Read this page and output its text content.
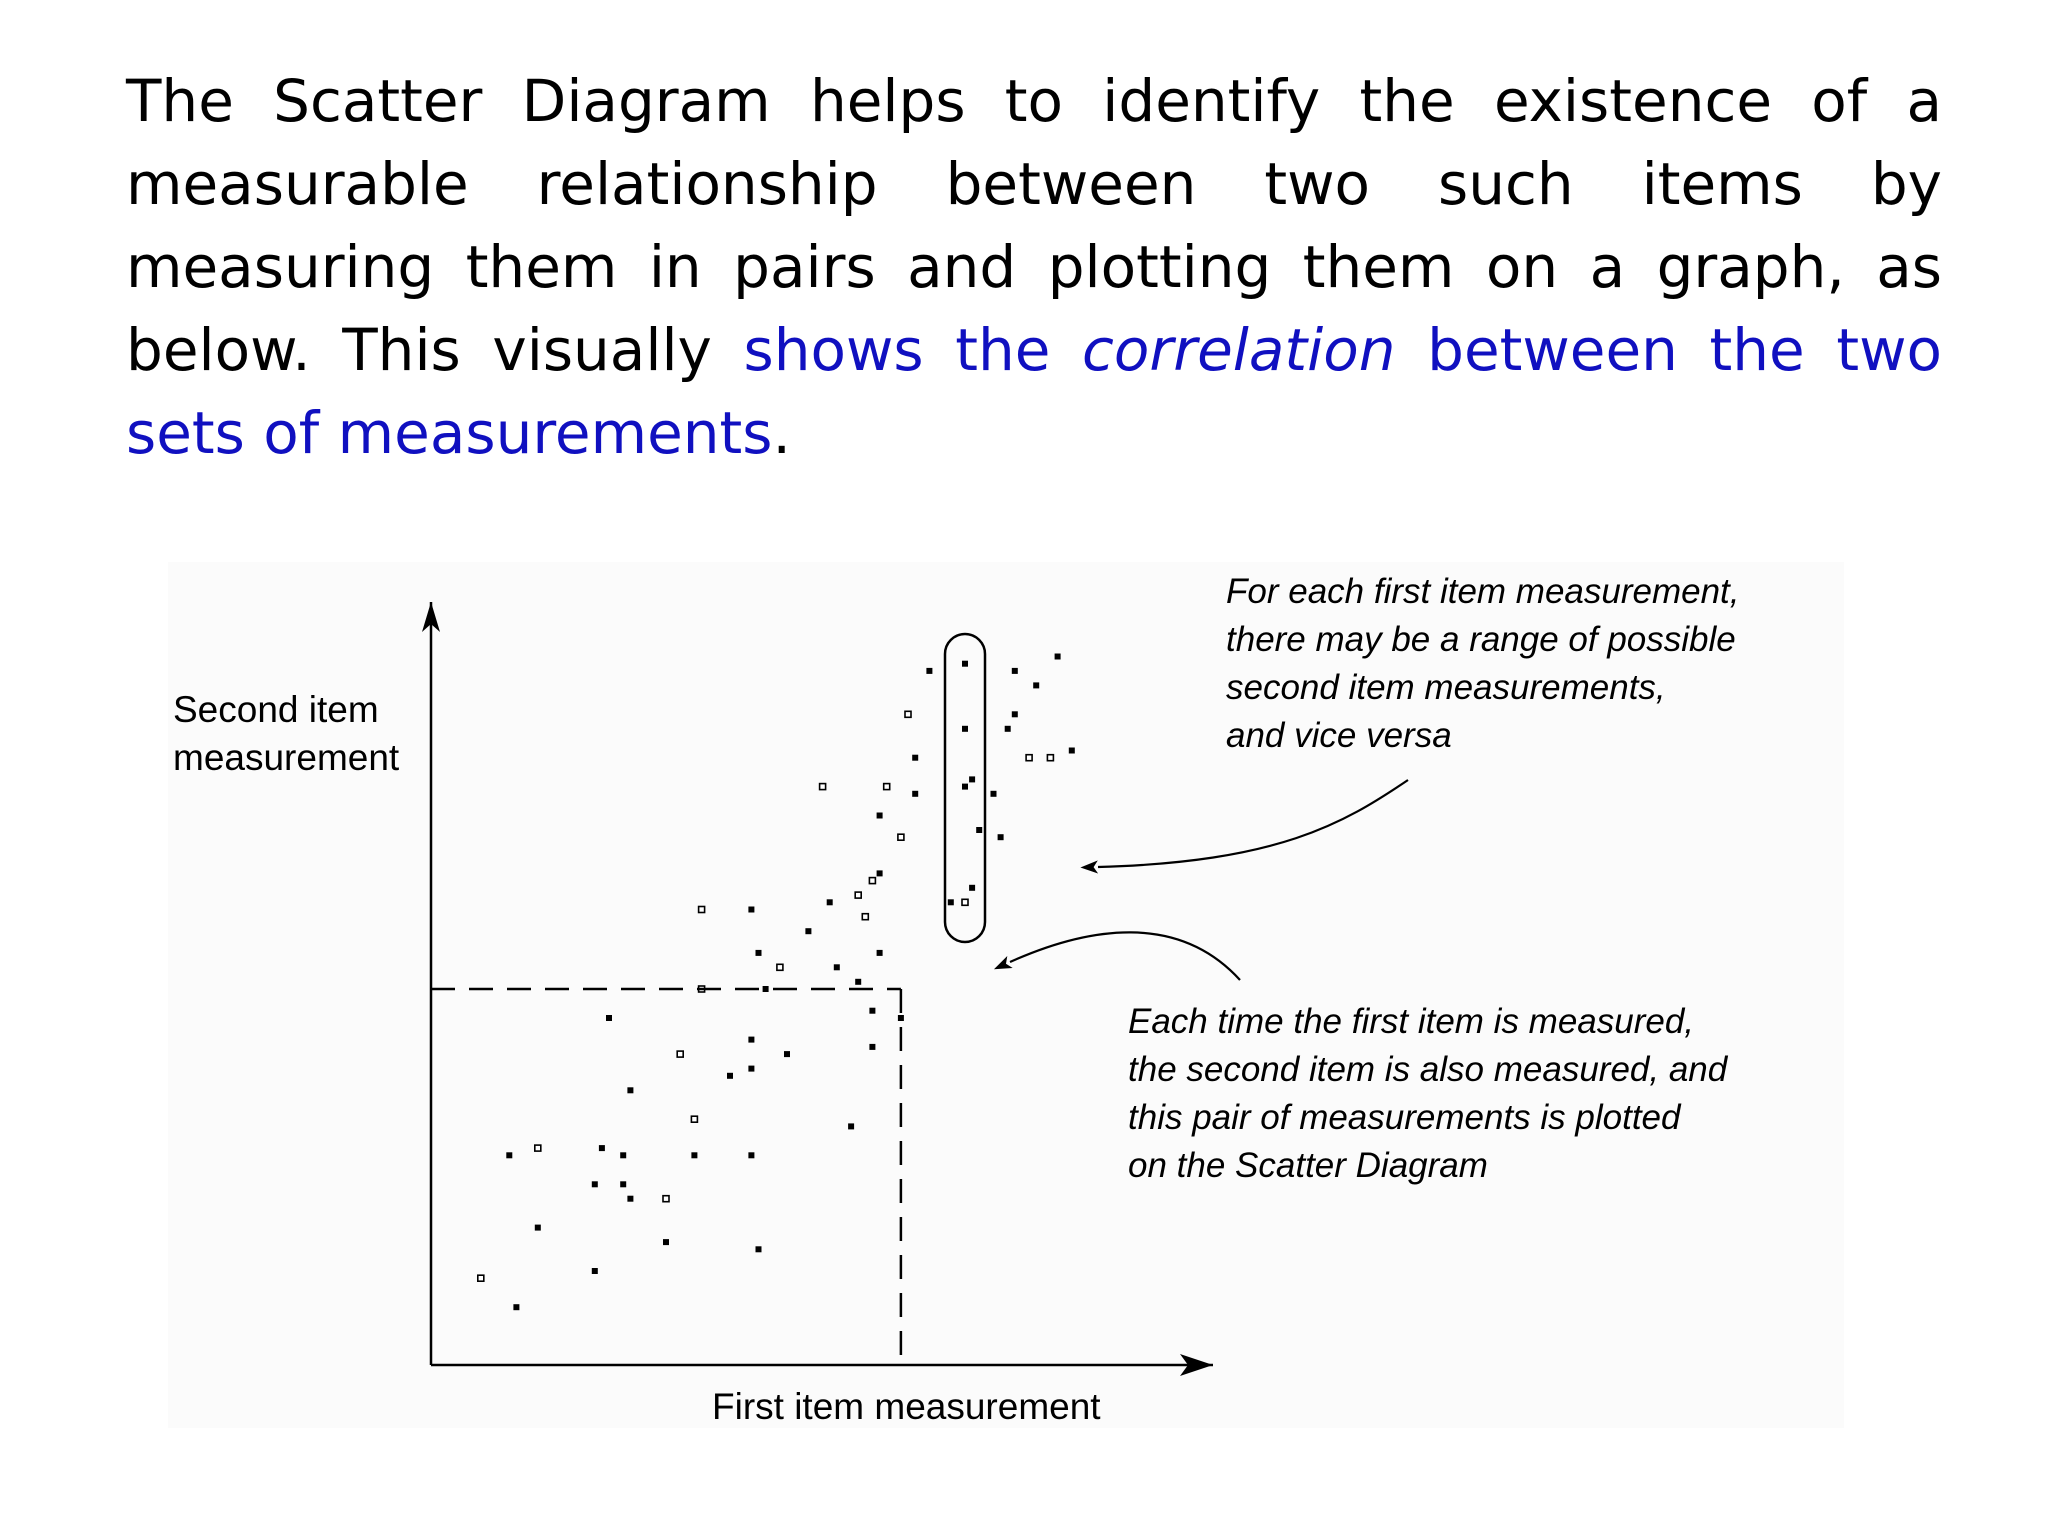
The Scatter Diagram helps to identify the existence of a measurable relationship between two such items by measuring them in pairs and plotting them on a graph, as below. This visually shows the correlation between the two sets of measurements.

Second item
measurement
First item measurement
For each first item measurement,
there may be a range of possible
second item measurements,
and vice versa
Each time the first item is measured,
the second item is also measured, and
this pair of measurements is plotted
on the Scatter Diagram
